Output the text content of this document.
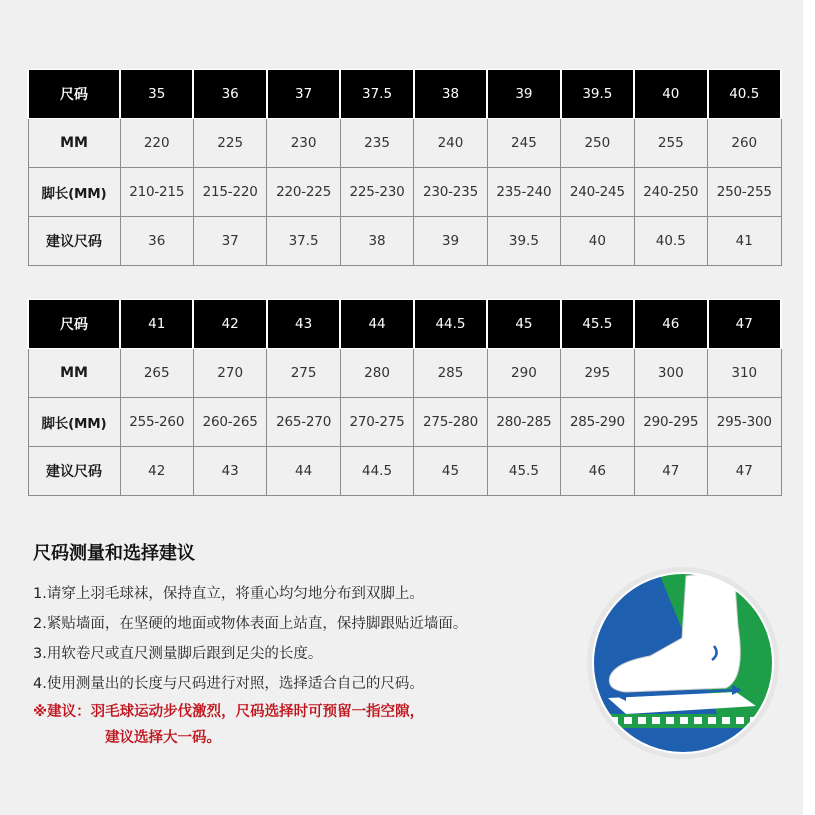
尺码	35	36	37	37.5	38	39	39.5	40	40.5
MM	220	225	230	235	240	245	250	255	260
脚长(MM)	210-215	215-220	220-225	225-230	230-235	235-240	240-245	240-250	250-255
建议尺码	36	37	37.5	38	39	39.5	40	40.5	41
尺码	41	42	43	44	44.5	45	45.5	46	47
MM	265	270	275	280	285	290	295	300	310
脚长(MM)	255-260	260-265	265-270	270-275	275-280	280-285	285-290	290-295	295-300
建议尺码	42	43	44	44.5	45	45.5	46	47	47
尺码测量和选择建议
1.请穿上羽毛球袜，保持直立，将重心均匀地分布到双脚上。
2.紧贴墙面，在坚硬的地面或物体表面上站直，保持脚跟贴近墙面。
3.用软卷尺或直尺测量脚后跟到足尖的长度。
4.使用测量出的长度与尺码进行对照，选择适合自己的尺码。
※建议：羽毛球运动步伐激烈，尺码选择时可预留一指空隙，
建议选择大一码。
